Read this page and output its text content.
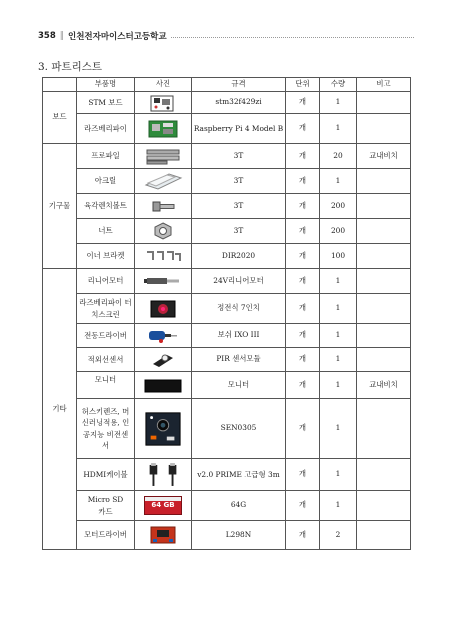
358 ‖ 인천전자마이스터고등학교
3. 파트리스트
	부품명	사진	규격	단위	수량	비고
보드	STM 보드		stm32f429zi	개	1	
	라즈베리파이		Raspberry Pi 4 Model B	개	1	
기구물	프로파일		3T	개	20	교내비치
	아크릴		3T	개	1	
	육각렌치볼트		3T	개	200	
	너트		3T	개	200	
	이너 브라켓		DIR2020	개	100	
기타	리니어모터		24V리니어모터	개	1	
	라즈베리파이 터치스크린		정전식 7인치	개	1	
	전동드라이버		보쉬 IXO III	개	1	
	적외선센서		PIR 센서모듈	개	1	
	모니터		모니터	개	1	교내비치
	허스키렌즈, 머신러닝적용, 인공지능 비전센서		SEN0305	개	1	
	HDMI케이블		v2.0 PRIME 고급형 3m	개	1	
	Micro SD카드	64 GB	64G	개	1	
	모터드라이버		L298N	개	2	
